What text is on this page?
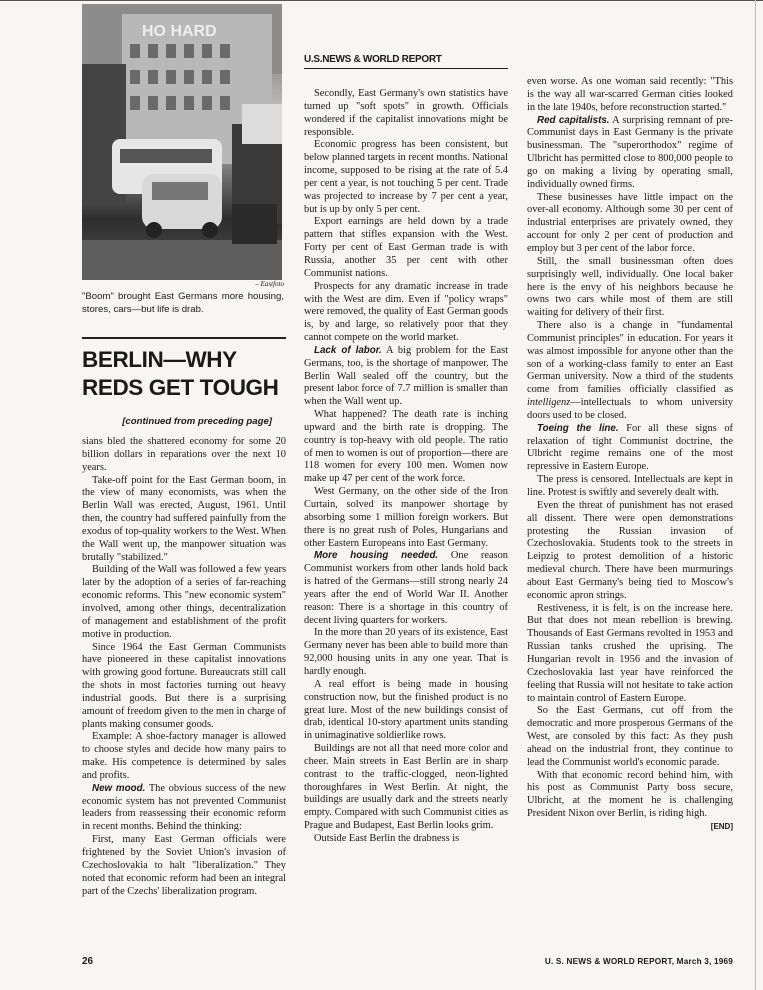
HO HARD
– Eastfoto
"Boom" brought East Germans more housing, stores, cars—but life is drab.
BERLIN—WHY
REDS GET TOUGH
[continued from preceding page]
U.S.NEWS & WORLD REPORT

sians bled the shattered economy for some 20 billion dollars in reparations over the next 10 years.

Take-off point for the East German boom, in the view of many economists, was when the Berlin Wall was erected, August, 1961. Until then, the country had suffered painfully from the exodus of top-quality workers to the West. When the Wall went up, the manpower situation was brutally "stabilized."

Building of the Wall was followed a few years later by the adoption of a series of far-reaching economic reforms. This "new economic system" involved, among other things, decentralization of management and establishment of the profit motive in production.

Since 1964 the East German Communists have pioneered in these capitalist innovations with growing good fortune. Bureaucrats still call the shots in most factories turning out heavy industrial goods. But there is a surprising amount of freedom given to the men in charge of plants making consumer goods.

Example: A shoe-factory manager is allowed to choose styles and decide how many pairs to make. His competence is determined by sales and profits.

New mood. The obvious success of the new economic system has not prevented Communist leaders from reassessing their economic reform in recent months. Behind the thinking:

First, many East German officials were frightened by the Soviet Union's invasion of Czechoslovakia to halt "liberalization." They noted that economic reform had been an integral part of the Czechs' liberalization program.

Secondly, East Germany's own statistics have turned up "soft spots" in growth. Officials wondered if the capitalist innovations might be responsible.

Economic progress has been consistent, but below planned targets in recent months. National income, supposed to be rising at the rate of 5.4 per cent a year, is not touching 5 per cent. Trade was projected to increase by 7 per cent a year, but is up by only 5 per cent.

Export earnings are held down by a trade pattern that stifles expansion with the West. Forty per cent of East German trade is with Russia, another 35 per cent with other Communist nations.

Prospects for any dramatic increase in trade with the West are dim. Even if "policy wraps" were removed, the quality of East German goods is, by and large, so relatively poor that they cannot compete on the world market.

Lack of labor. A big problem for the East Germans, too, is the shortage of manpower. The Berlin Wall sealed off the country, but the present labor force of 7.7 million is smaller than when the Wall went up.

What happened? The death rate is inching upward and the birth rate is dropping. The country is top-heavy with old people. The ratio of men to women is out of proportion—there are 118 women for every 100 men. Women now make up 47 per cent of the work force.

West Germany, on the other side of the Iron Curtain, solved its manpower shortage by absorbing some 1 million foreign workers. But there is no great rush of Poles, Hungarians and other Eastern Europeans into East Germany.

More housing needed. One reason Communist workers from other lands hold back is hatred of the Germans—still strong nearly 24 years after the end of World War II. Another reason: There is a shortage in this country of decent living quarters for workers.

In the more than 20 years of its existence, East Germany never has been able to build more than 92,000 housing units in any one year. That is hardly enough.

A real effort is being made in housing construction now, but the finished product is no great lure. Most of the new buildings consist of drab, identical 10-story apartment units standing in unimaginative soldierlike rows.

Buildings are not all that need more color and cheer. Main streets in East Berlin are in sharp contrast to the traffic-clogged, neon-lighted thoroughfares in West Berlin. At night, the buildings are usually dark and the streets nearly empty. Compared with such Communist cities as Prague and Budapest, East Berlin looks grim.

Outside East Berlin the drabness is

even worse. As one woman said recently: "This is the way all war-scarred German cities looked in the late 1940s, before reconstruction started."

Red capitalists. A surprising remnant of pre-Communist days in East Germany is the private businessman. The "superorthodox" regime of Ulbricht has permitted close to 800,000 people to go on making a living by operating small, individually owned firms.

These businesses have little impact on the over-all economy. Although some 30 per cent of industrial enterprises are privately owned, they account for only 2 per cent of production and employ but 3 per cent of the labor force.

Still, the small businessman often does surprisingly well, individually. One local baker here is the envy of his neighbors because he owns two cars while most of them are still waiting for delivery of their first.

There also is a change in "fundamental Communist principles" in education. For years it was almost impossible for anyone other than the son of a working-class family to enter an East German university. Now a third of the students come from families officially classified as intelligenz—intellectuals to whom university doors used to be closed.

Toeing the line. For all these signs of relaxation of tight Communist doctrine, the Ulbricht regime remains one of the most repressive in Eastern Europe.

The press is censored. Intellectuals are kept in line. Protest is swiftly and severely dealt with.

Even the threat of punishment has not erased all dissent. There were open demonstrations protesting the Russian invasion of Czechoslovakia. Students took to the streets in Leipzig to protest demolition of a historic medieval church. There have been murmurings about East Germany's being tied to Moscow's economic apron strings.

Restiveness, it is felt, is on the increase here. But that does not mean rebellion is brewing. Thousands of East Germans revolted in 1953 and Russian tanks crushed the uprising. The Hungarian revolt in 1956 and the invasion of Czechoslovakia last year have reinforced the feeling that Russia will not hesitate to take action to maintain control of Eastern Europe.

So the East Germans, cut off from the democratic and more prosperous Germans of the West, are consoled by this fact: As they push ahead on the industrial front, they continue to lead the Communist world's economic parade.

With that economic record behind him, with his post as Communist Party boss secure, Ulbricht, at the moment he is challenging President Nixon over Berlin, is riding high.
[END]

26	U. S. NEWS & WORLD REPORT, March 3, 1969
